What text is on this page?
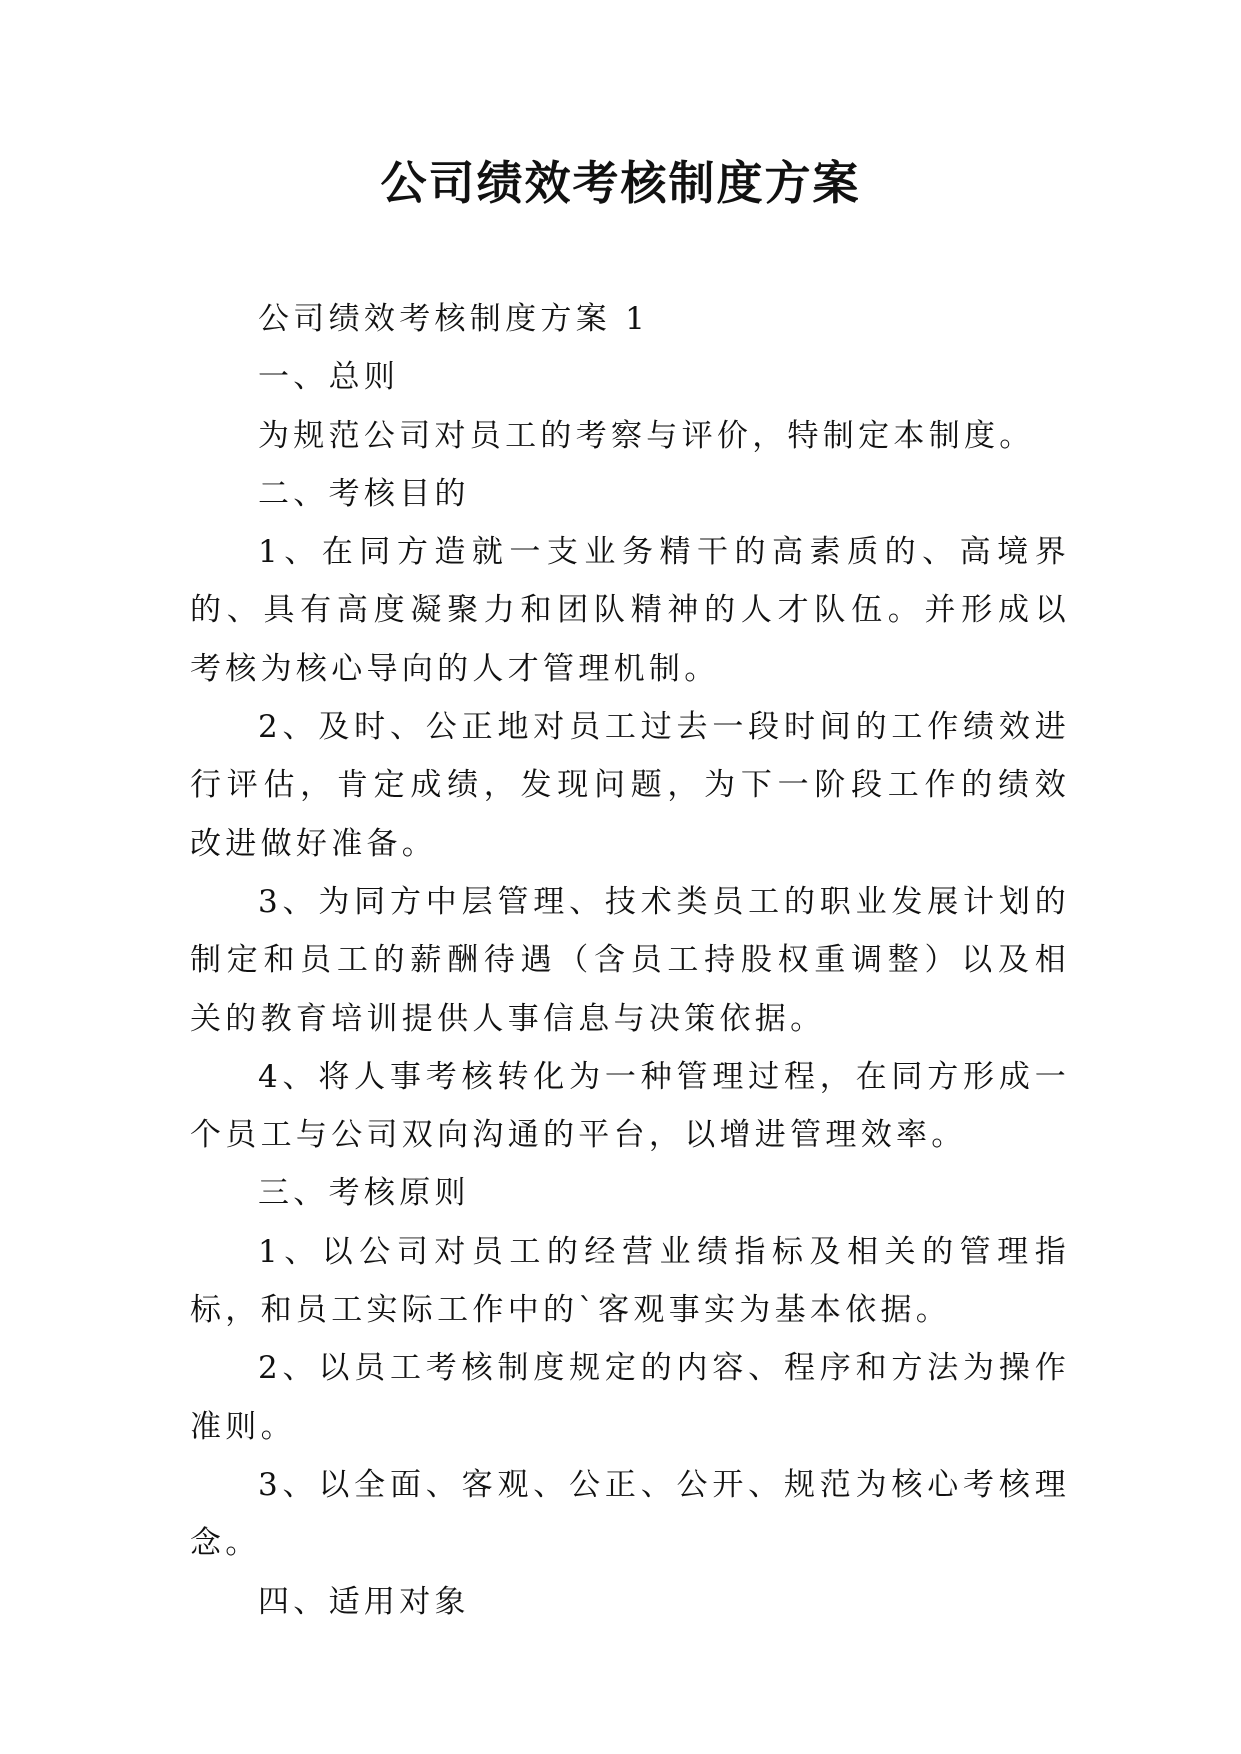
公司绩效考核制度方案

公司绩效考核制度方案 1

一、总则

为规范公司对员工的考察与评价，特制定本制度。

二、考核目的

1、在同方造就一支业务精干的高素质的、高境界的、具有高度凝聚力和团队精神的人才队伍。并形成以考核为核心导向的人才管理机制。

2、及时、公正地对员工过去一段时间的工作绩效进行评估，肯定成绩，发现问题，为下一阶段工作的绩效改进做好准备。

3、为同方中层管理、技术类员工的职业发展计划的制定和员工的薪酬待遇（含员工持股权重调整）以及相关的教育培训提供人事信息与决策依据。

4、将人事考核转化为一种管理过程，在同方形成一个员工与公司双向沟通的平台，以增进管理效率。

三、考核原则

1、以公司对员工的经营业绩指标及相关的管理指标，和员工实际工作中的`客观事实为基本依据。

2、以员工考核制度规定的内容、程序和方法为操作准则。

3、以全面、客观、公正、公开、规范为核心考核理念。

四、适用对象
